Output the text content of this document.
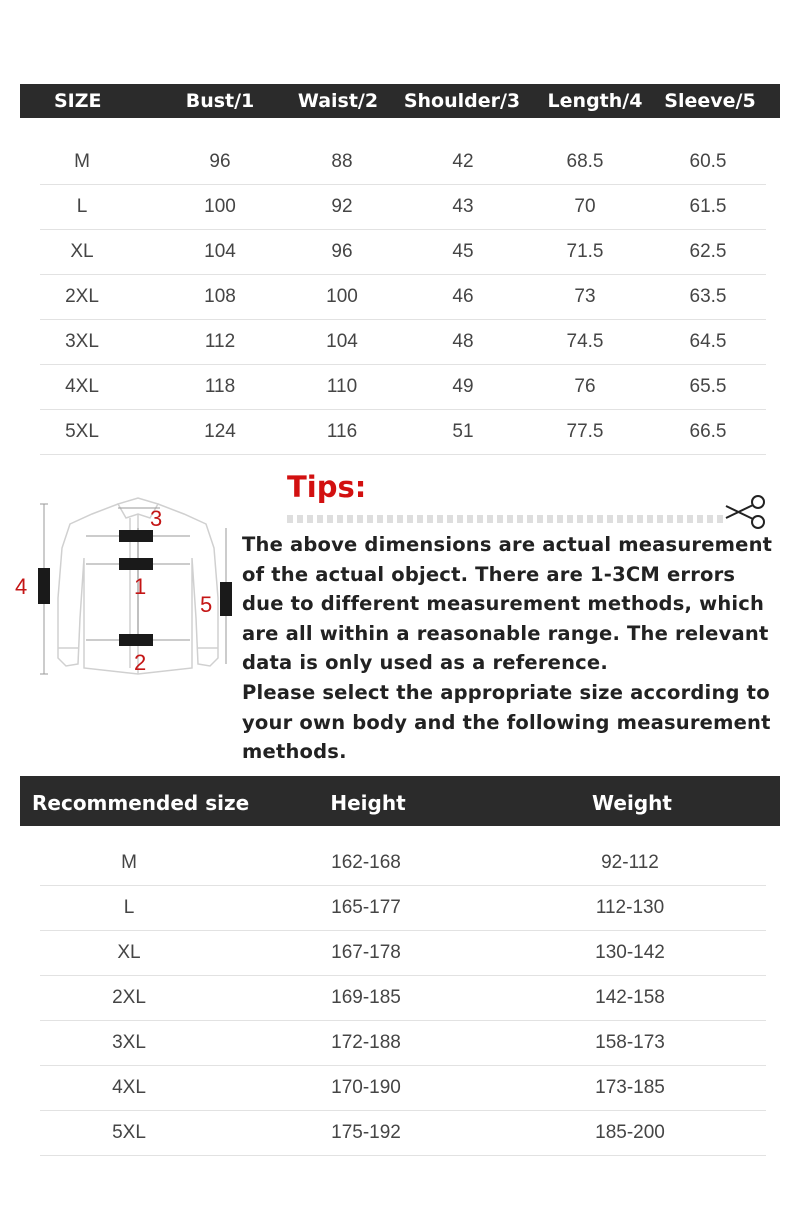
SIZE	Bust/1 Waist/2 Shoulder/3 Length/4 Sleeve/5
M	96	88	42	68.5	60.5
L	100	92	43	70	61.5
XL	104	96	45	71.5	62.5
2XL	108	100	46	73	63.5
3XL	112	104	48	74.5	64.5
4XL	118	110	49	76	65.5
5XL	124	116	51	77.5	66.5
1
2
3
4
5
Tips:

The above dimensions are actual measurement

of the actual object. There are 1-3CM errors

due to different measurement methods, which

are all within a reasonable range. The relevant

data is only used as a reference.

Please select the appropriate size according to

your own body and the following measurement

methods.

Recommended size	Height	Weight
M	162-168	92-112
L	165-177	112-130
XL	167-178	130-142
2XL	169-185	142-158
3XL	172-188	158-173
4XL	170-190	173-185
5XL	175-192	185-200
